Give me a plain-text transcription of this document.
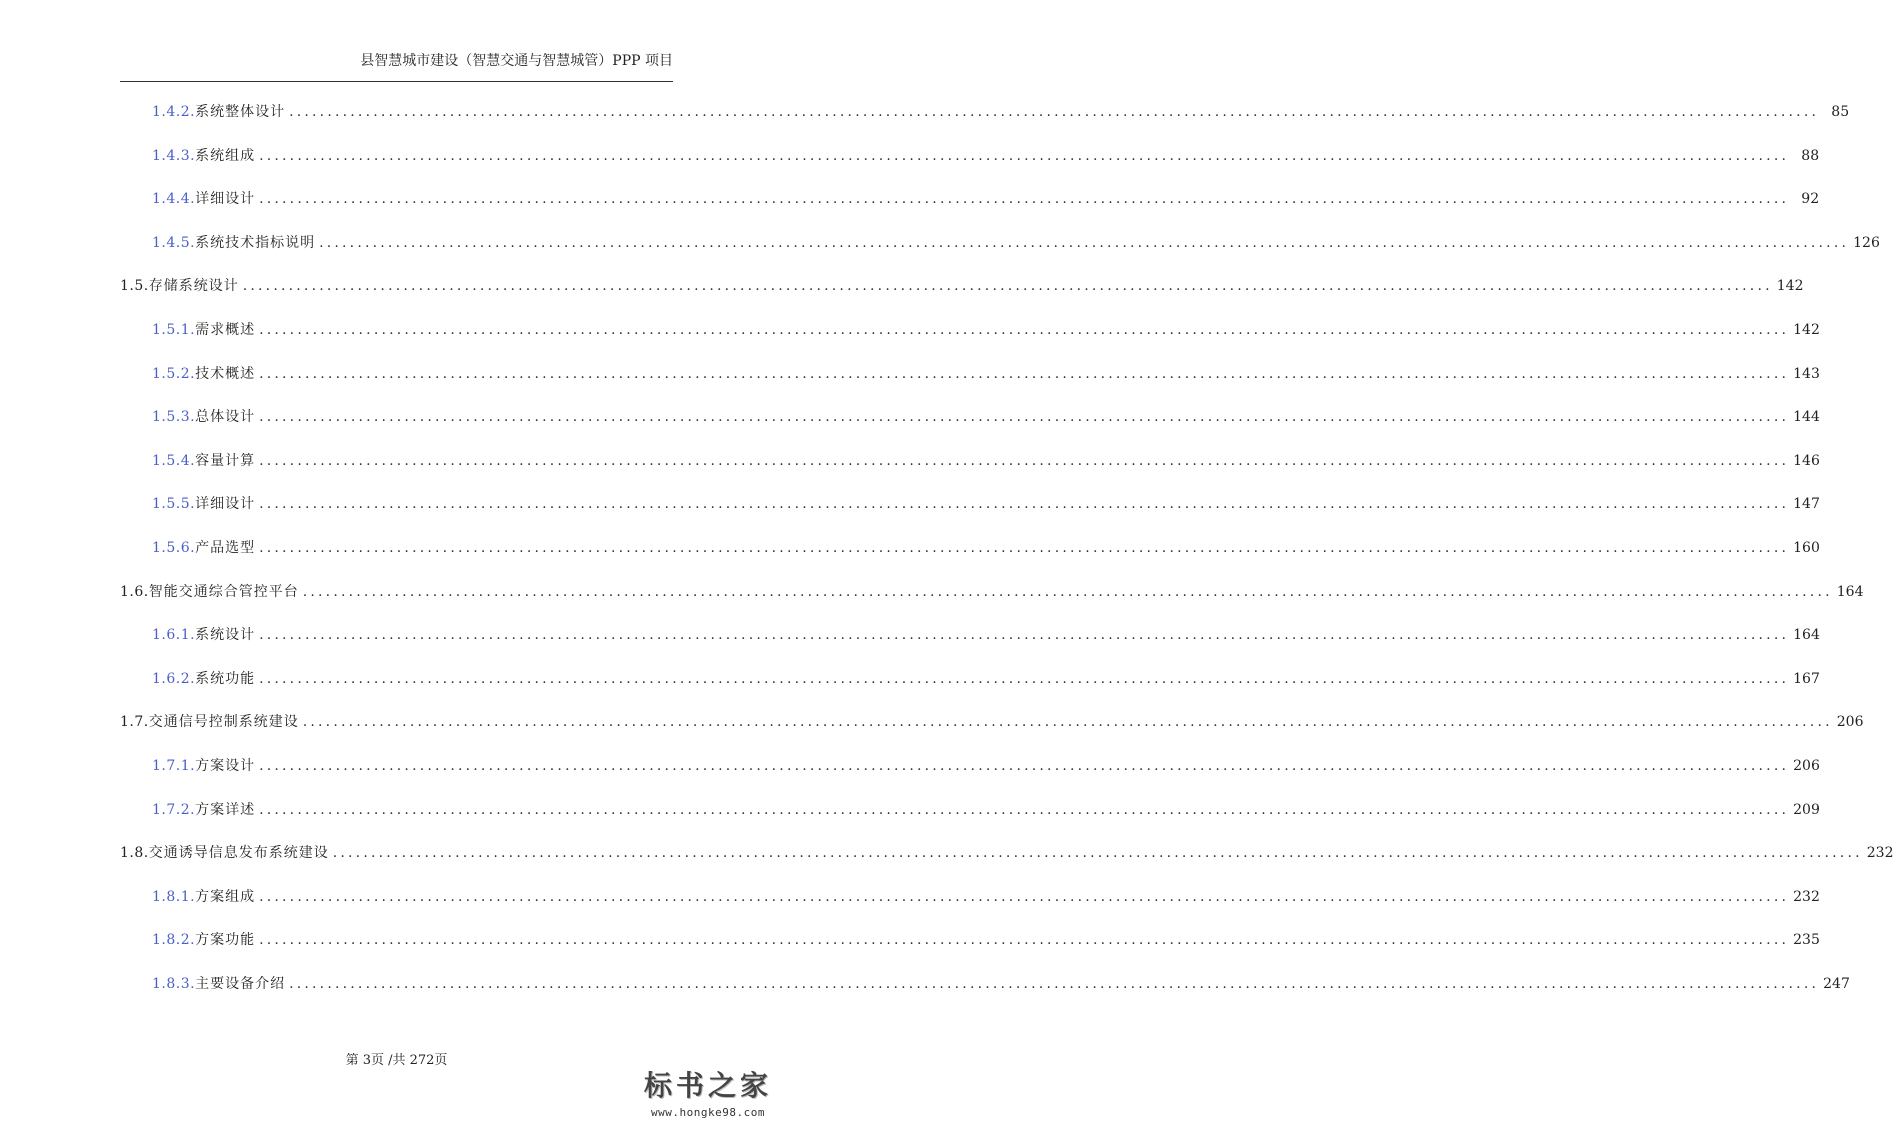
县智慧城市建设（智慧交通与智慧城管）PPP 项目
1.4.2. 系统整体设计 ........................................................................................................................................................................................................ 85
1.4.3. 系统组成 ........................................................................................................................................................................................................ 88
1.4.4. 详细设计 ........................................................................................................................................................................................................ 92
1.4.5. 系统技术指标说明 ........................................................................................................................................................................................................ 126
1.5. 存储系统设计 ........................................................................................................................................................................................................ 142
1.5.1. 需求概述 ........................................................................................................................................................................................................ 142
1.5.2. 技术概述 ........................................................................................................................................................................................................ 143
1.5.3. 总体设计 ........................................................................................................................................................................................................ 144
1.5.4. 容量计算 ........................................................................................................................................................................................................ 146
1.5.5. 详细设计 ........................................................................................................................................................................................................ 147
1.5.6. 产品选型 ........................................................................................................................................................................................................ 160
1.6. 智能交通综合管控平台 ........................................................................................................................................................................................................ 164
1.6.1. 系统设计 ........................................................................................................................................................................................................ 164
1.6.2. 系统功能 ........................................................................................................................................................................................................ 167
1.7. 交通信号控制系统建设 ........................................................................................................................................................................................................ 206
1.7.1. 方案设计 ........................................................................................................................................................................................................ 206
1.7.2. 方案详述 ........................................................................................................................................................................................................ 209
1.8. 交通诱导信息发布系统建设 ........................................................................................................................................................................................................ 232
1.8.1. 方案组成 ........................................................................................................................................................................................................ 232
1.8.2. 方案功能 ........................................................................................................................................................................................................ 235
1.8.3. 主要设备介绍 ........................................................................................................................................................................................................ 247
第 3页 /共 272页
标书之家
www.hongke98.com
